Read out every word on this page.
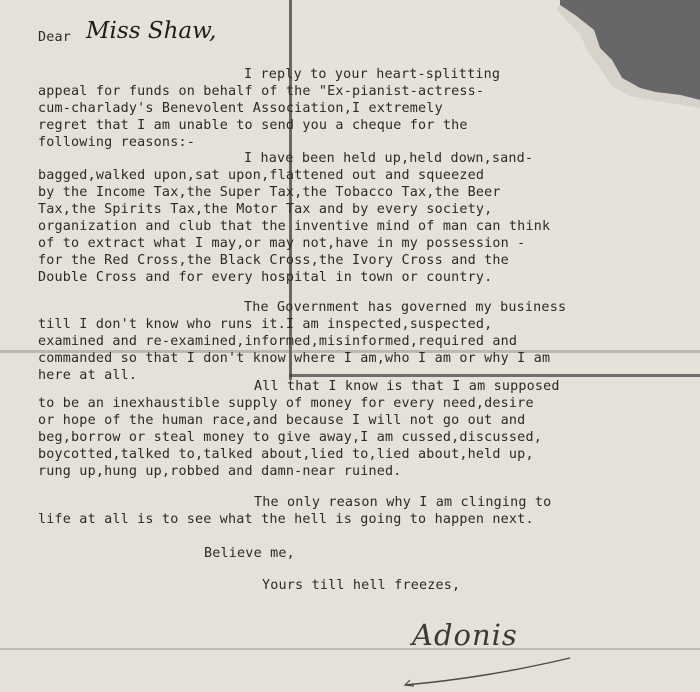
Dear Miss Shaw,
I reply to your heart-splitting
appeal for funds on behalf of the "Ex-pianist-actress-
cum-charlady's Benevolent Association,I extremely
regret that I am unable to send you a cheque for the
following reasons:-
I have been held up,held down,sand-
bagged,walked upon,sat upon,flattened out and squeezed
by the Income Tax,the Super Tax,the Tobacco Tax,the Beer
Tax,the Spirits Tax,the Motor Tax and by every society,
organization and club that the inventive mind of man can think
of to extract what I may,or may not,have in my possession -
for the Red Cross,the Black Cross,the Ivory Cross and the
Double Cross and for every hospital in town or country.
The Government has governed my business
till I don't know who runs it.I am inspected,suspected,
examined and re-examined,informed,misinformed,required and
commanded so that I don't know where I am,who I am or why I am
here at all.
All that I know is that I am supposed
to be an inexhaustible supply of money for every need,desire
or hope of the human race,and because I will not go out and
beg,borrow or steal money to give away,I am cussed,discussed,
boycotted,talked to,talked about,lied to,lied about,held up,
rung up,hung up,robbed and damn-near ruined.
The only reason why I am clinging to
life at all is to see what the hell is going to happen next.
Believe me,
Yours till hell freezes,
Adonis
